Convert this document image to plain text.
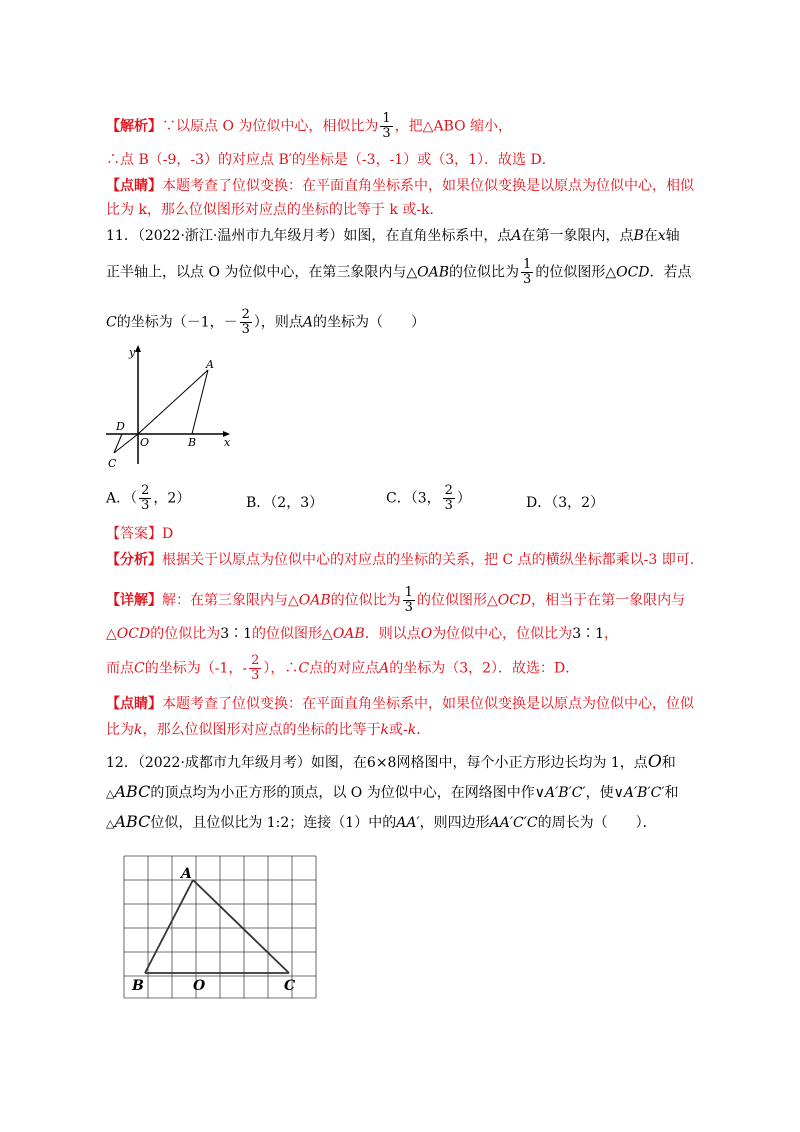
【解析】∵以原点 O 为位似中心，相似比为 $\frac{1}{3}$ ，把△ABO 缩小，
∴点 B（-9，-3）的对应点 B′的坐标是（-3，-1）或（3，1）．故选 D．
【点睛】本题考查了位似变换：在平面直角坐标系中，如果位似变换是以原点为位似中心，相似
比为 k，那么位似图形对应点的坐标的比等于 k 或-k．
11．（2022·浙江·温州市九年级月考）如图，在直角坐标系中，点A在第一象限内，点B在x轴
正半轴上，以点 O 为位似中心，在第三象限内与△OAB的位似比为 $\frac{1}{3}$ 的位似图形△OCD．若点
C的坐标为（－1，－ $\frac{2}{3}$ ），则点A的坐标为（　　）
y
A
D
O	B	x
C
A．（ $\frac{2}{3}$ ，2）	B．（2，3）	C．（3， $\frac{2}{3}$ ）	D．（3，2）
【答案】D
【分析】根据关于以原点为位似中心的对应点的坐标的关系，把 C 点的横纵坐标都乘以-3 即可．
【详解】解：在第三象限内与△OAB的位似比为 $\frac{1}{3}$ 的位似图形△OCD，相当于在第一象限内与
△OCD的位似比为3∶1的位似图形△OAB．则以点O为位似中心，位似比为3∶1，
而点C的坐标为（-1，- $\frac{2}{3}$ ），∴C点的对应点A的坐标为（3，2）．故选：D．
【点睛】本题考查了位似变换：在平面直角坐标系中，如果位似变换是以原点为位似中心，位似
比为k，那么位似图形对应点的坐标的比等于k或-k．
12．（2022·成都市九年级月考）如图，在6×8网格图中，每个小正方形边长均为 1，点O和
△ABC的顶点均为小正方形的顶点，以 O 为位似中心，在网络图中作∨A′B′C′，使∨A′B′C′和
△ABC位似，且位似比为 1:2；连接（1）中的AA′，则四边形AA′C′C的周长为（　　）．
A
B	O	C
